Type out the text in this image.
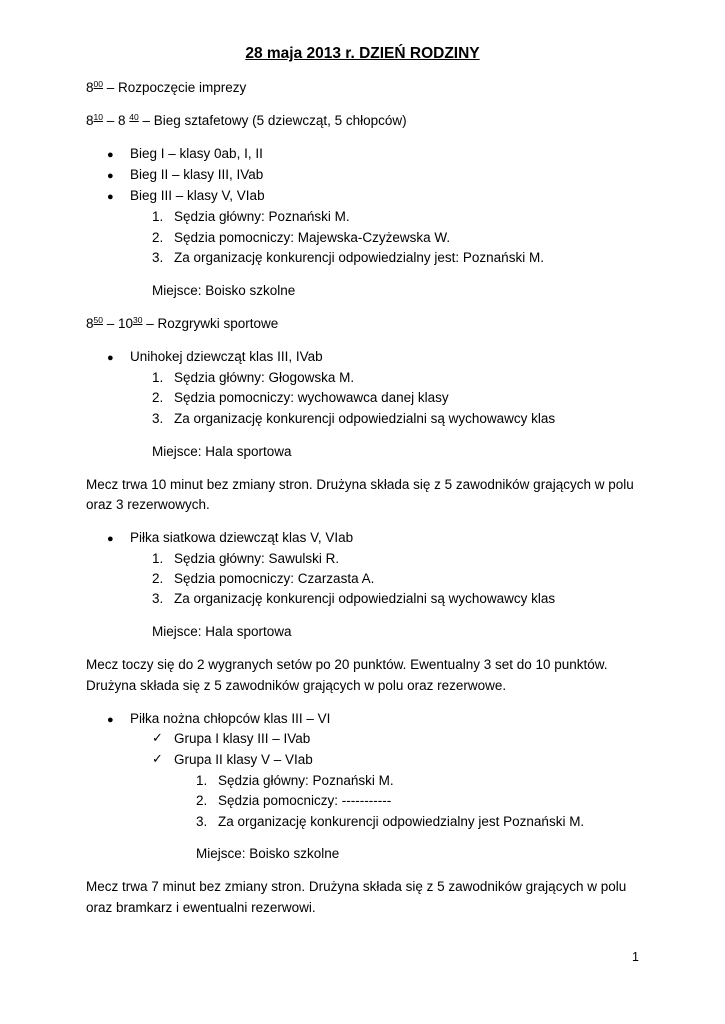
28 maja 2013 r. DZIEŃ RODZINY
$8^{00}$ – Rozpoczęcie imprezy
$8^{10} - 8$ $^{40}$ – Bieg sztafetowy (5 dziewcząt, 5 chłopców)
● Bieg I – klasy 0ab, I, II
● Bieg II – klasy III, IVab
● Bieg III – klasy V, VIab
1. Sędzia główny: Poznański M.
2. Sędzia pomocniczy: Majewska-Czyżewska W.
3. Za organizację konkurencji odpowiedzialny jest: Poznański M.
Miejsce: Boisko szkolne
$8^{50} - 10^{30}$ – Rozgrywki sportowe
● Unihokej dziewcząt klas III, IVab
1. Sędzia główny: Głogowska M.
2. Sędzia pomocniczy: wychowawca danej klasy
3. Za organizację konkurencji odpowiedzialni są wychowawcy klas
Miejsce: Hala sportowa
Mecz trwa 10 minut bez zmiany stron. Drużyna składa się z 5 zawodników grających w polu
oraz 3 rezerwowych.
● Piłka siatkowa dziewcząt klas V, VIab
1. Sędzia główny: Sawulski R.
2. Sędzia pomocniczy: Czarzasta A.
3. Za organizację konkurencji odpowiedzialni są wychowawcy klas
Miejsce: Hala sportowa
Mecz toczy się do 2 wygranych setów po 20 punktów. Ewentualny 3 set do 10 punktów.
Drużyna składa się z 5 zawodników grających w polu oraz rezerwowe.
● Piłka nożna chłopców klas III – VI
✓ Grupa I klasy III – IVab
✓ Grupa II klasy V – VIab
1. Sędzia główny: Poznański M.
2. Sędzia pomocniczy: -----------
3. Za organizację konkurencji odpowiedzialny jest Poznański M.
Miejsce: Boisko szkolne
Mecz trwa 7 minut bez zmiany stron. Drużyna składa się z 5 zawodników grających w polu
oraz bramkarz i ewentualni rezerwowi.
1
